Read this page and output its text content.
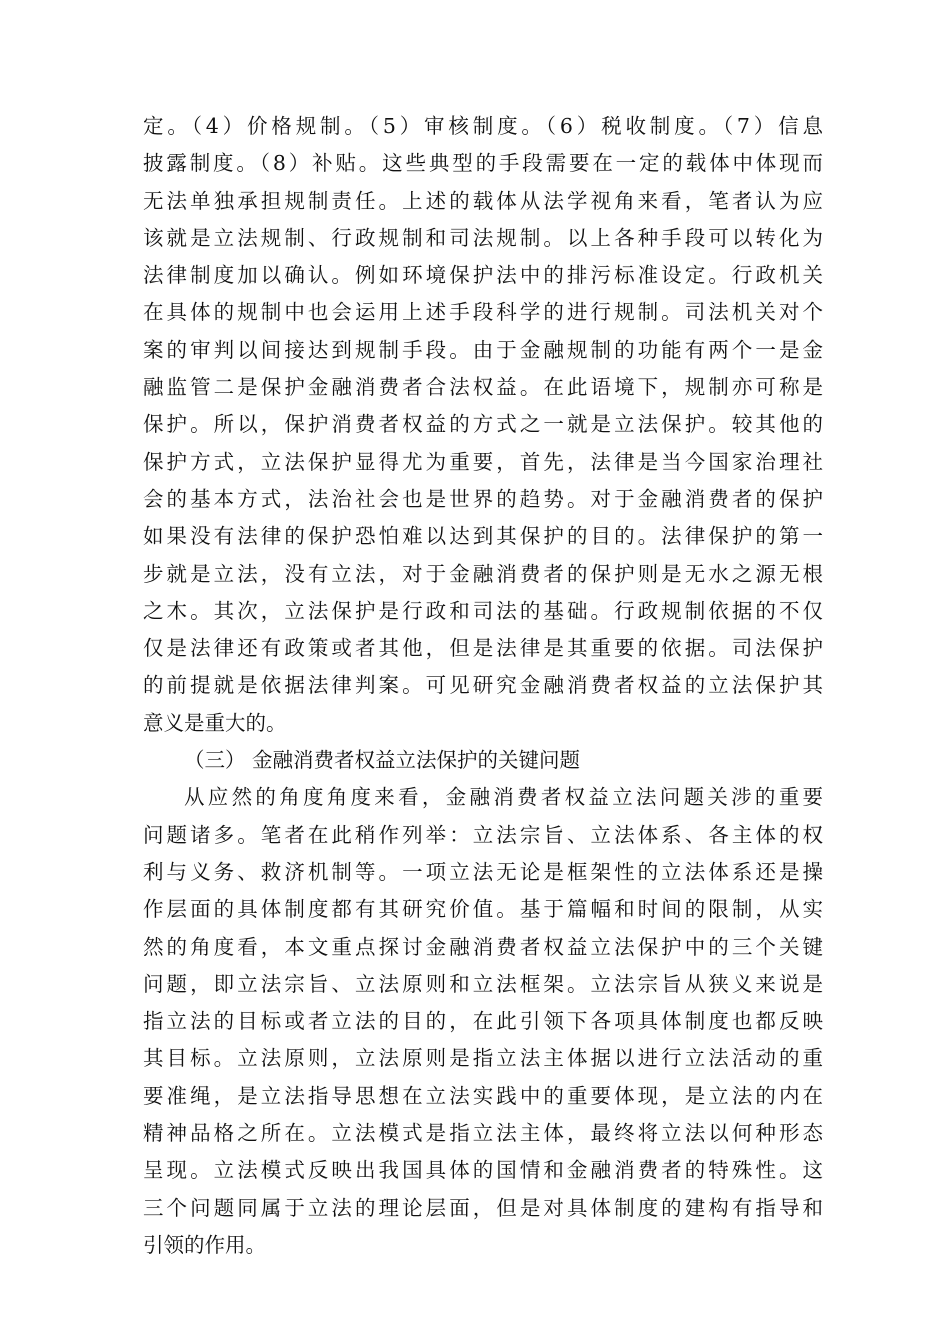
定。（4）价格规制。（5）审核制度。（6）税收制度。（7）信息
披露制度。（8）补贴。这些典型的手段需要在一定的载体中体现而
无法单独承担规制责任。上述的载体从法学视角来看，笔者认为应
该就是立法规制、行政规制和司法规制。以上各种手段可以转化为
法律制度加以确认。例如环境保护法中的排污标准设定。行政机关
在具体的规制中也会运用上述手段科学的进行规制。司法机关对个
案的审判以间接达到规制手段。由于金融规制的功能有两个一是金
融监管二是保护金融消费者合法权益。在此语境下，规制亦可称是
保护。所以，保护消费者权益的方式之一就是立法保护。较其他的
保护方式，立法保护显得尤为重要，首先，法律是当今国家治理社
会的基本方式，法治社会也是世界的趋势。对于金融消费者的保护
如果没有法律的保护恐怕难以达到其保护的目的。法律保护的第一
步就是立法，没有立法，对于金融消费者的保护则是无水之源无根
之木。其次，立法保护是行政和司法的基础。行政规制依据的不仅
仅是法律还有政策或者其他，但是法律是其重要的依据。司法保护
的前提就是依据法律判案。可见研究金融消费者权益的立法保护其
意义是重大的。
（三） 金融消费者权益立法保护的关键问题
从应然的角度角度来看，金融消费者权益立法问题关涉的重要
问题诸多。笔者在此稍作列举：立法宗旨、立法体系、各主体的权
利与义务、救济机制等。一项立法无论是框架性的立法体系还是操
作层面的具体制度都有其研究价值。基于篇幅和时间的限制，从实
然的角度看，本文重点探讨金融消费者权益立法保护中的三个关键
问题，即立法宗旨、立法原则和立法框架。立法宗旨从狭义来说是
指立法的目标或者立法的目的，在此引领下各项具体制度也都反映
其目标。立法原则，立法原则是指立法主体据以进行立法活动的重
要准绳，是立法指导思想在立法实践中的重要体现，是立法的内在
精神品格之所在。立法模式是指立法主体，最终将立法以何种形态
呈现。立法模式反映出我国具体的国情和金融消费者的特殊性。这
三个问题同属于立法的理论层面，但是对具体制度的建构有指导和
引领的作用。
